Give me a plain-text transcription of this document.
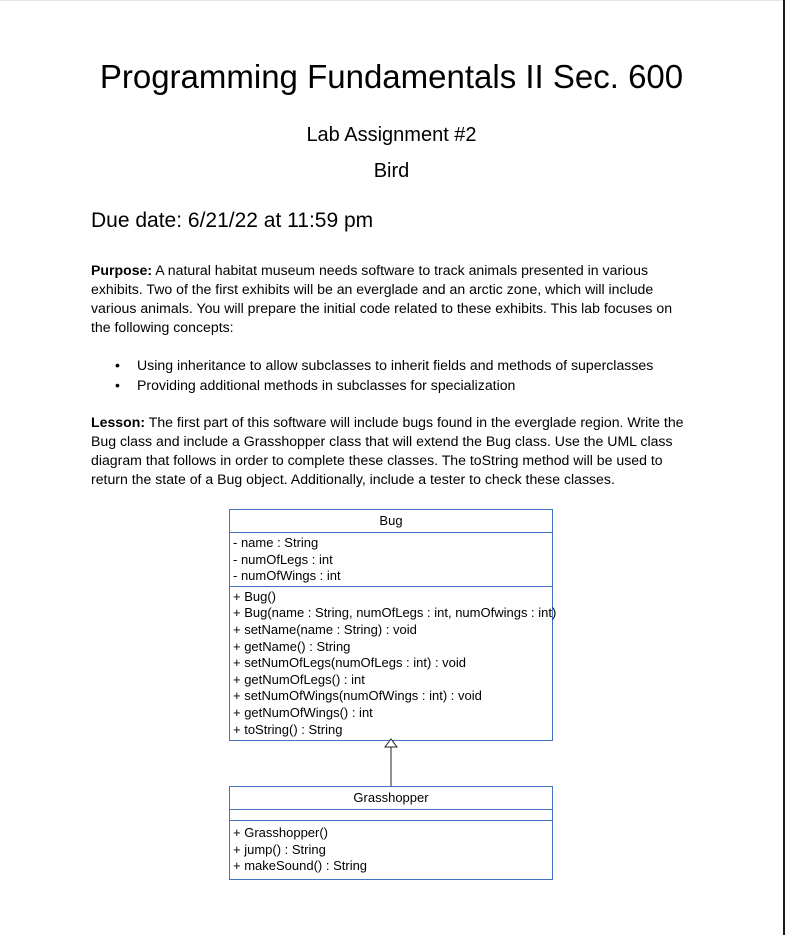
Programming Fundamentals II Sec. 600
Lab Assignment #2
Bird
Due date: 6/21/22 at 11:59 pm
Purpose: A natural habitat museum needs software to track animals presented in various exhibits. Two of the first exhibits will be an everglade and an arctic zone, which will include various animals. You will prepare the initial code related to these exhibits. This lab focuses on the following concepts:
• Using inheritance to allow subclasses to inherit fields and methods of superclasses
• Providing additional methods in subclasses for specialization
Lesson: The first part of this software will include bugs found in the everglade region. Write the Bug class and include a Grasshopper class that will extend the Bug class. Use the UML class diagram that follows in order to complete these classes. The toString method will be used to return the state of a Bug object. Additionally, include a tester to check these classes.
Bug
- name : String
- numOfLegs : int
- numOfWings : int
+ Bug()
+ Bug(name : String, numOfLegs : int, numOfwings : int)
+ setName(name : String) : void
+ getName() : String
+ setNumOfLegs(numOfLegs : int) : void
+ getNumOfLegs() : int
+ setNumOfWings(numOfWings : int) : void
+ getNumOfWings() : int
+ toString() : String
Grasshopper
+ Grasshopper()
+ jump() : String
+ makeSound() : String
